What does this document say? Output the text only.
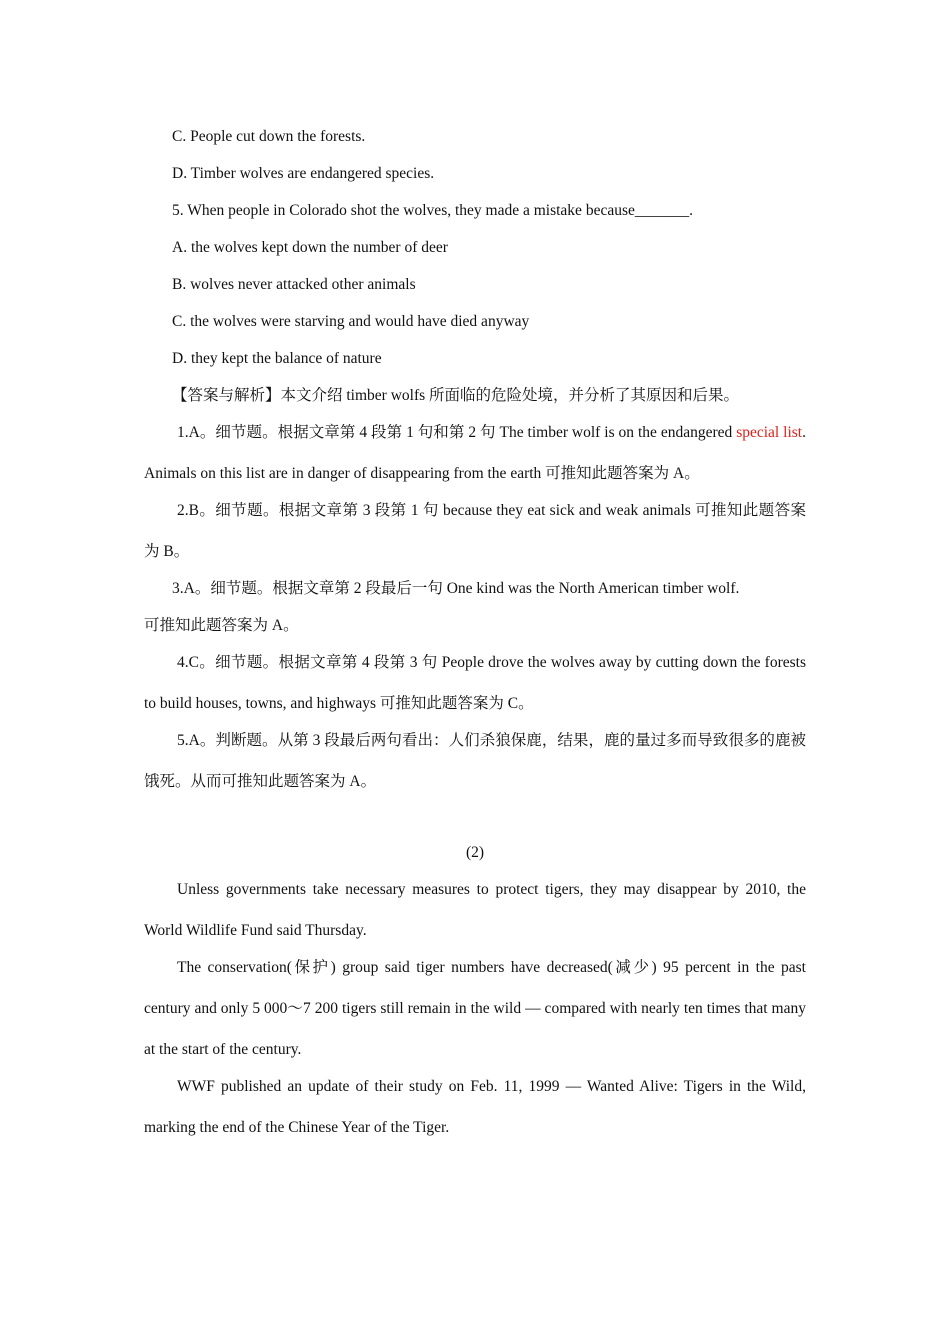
C. People cut down the forests.

D. Timber wolves are endangered species.

5. When people in Colorado shot the wolves, they made a mistake because_______.

A. the wolves kept down the number of deer

B. wolves never attacked other animals

C. the wolves were starving and would have died anyway

D. they kept the balance of nature

【答案与解析】本文介绍 timber wolfs 所面临的危险处境，并分析了其原因和后果。

1.A。细节题。根据文章第 4 段第 1 句和第 2 句 The timber wolf is on the endangered special list. Animals on this list are in danger of disappearing from the earth 可推知此题答案为 A。

2.B。细节题。根据文章第 3 段第 1 句 because they eat sick and weak animals 可推知此题答案为 B。

3.A。细节题。根据文章第 2 段最后一句 One kind was the North American timber wolf.

可推知此题答案为 A。

4.C。细节题。根据文章第 4 段第 3 句 People drove the wolves away by cutting down the forests to build houses, towns, and highways 可推知此题答案为 C。

5.A。判断题。从第 3 段最后两句看出：人们杀狼保鹿，结果，鹿的量过多而导致很多的鹿被饿死。从而可推知此题答案为 A。

(2)

Unless governments take necessary measures to protect tigers, they may disappear by 2010, the World Wildlife Fund said Thursday.

The conservation(保护) group said tiger numbers have decreased(减少) 95 percent in the past century and only 5 000～7 200 tigers still remain in the wild — compared with nearly ten times that many at the start of the century.

WWF published an update of their study on Feb. 11, 1999 — Wanted Alive: Tigers in the Wild, marking the end of the Chinese Year of the Tiger.
